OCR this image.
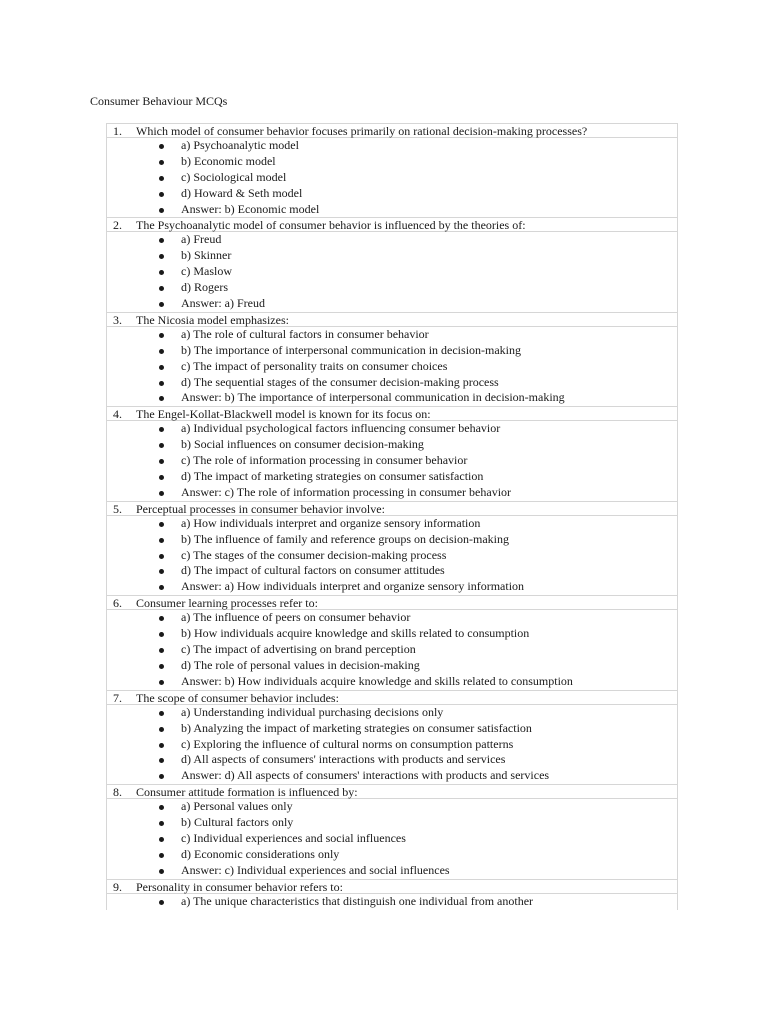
Consumer Behaviour MCQs
1. Which model of consumer behavior focuses primarily on rational decision-making processes?
a) Psychoanalytic model
b) Economic model
c) Sociological model
d) Howard & Seth model
Answer: b) Economic model
2. The Psychoanalytic model of consumer behavior is influenced by the theories of:
a) Freud
b) Skinner
c) Maslow
d) Rogers
Answer: a) Freud
3. The Nicosia model emphasizes:
a) The role of cultural factors in consumer behavior
b) The importance of interpersonal communication in decision-making
c) The impact of personality traits on consumer choices
d) The sequential stages of the consumer decision-making process
Answer: b) The importance of interpersonal communication in decision-making
4. The Engel-Kollat-Blackwell model is known for its focus on:
a) Individual psychological factors influencing consumer behavior
b) Social influences on consumer decision-making
c) The role of information processing in consumer behavior
d) The impact of marketing strategies on consumer satisfaction
Answer: c) The role of information processing in consumer behavior
5. Perceptual processes in consumer behavior involve:
a) How individuals interpret and organize sensory information
b) The influence of family and reference groups on decision-making
c) The stages of the consumer decision-making process
d) The impact of cultural factors on consumer attitudes
Answer: a) How individuals interpret and organize sensory information
6. Consumer learning processes refer to:
a) The influence of peers on consumer behavior
b) How individuals acquire knowledge and skills related to consumption
c) The impact of advertising on brand perception
d) The role of personal values in decision-making
Answer: b) How individuals acquire knowledge and skills related to consumption
7. The scope of consumer behavior includes:
a) Understanding individual purchasing decisions only
b) Analyzing the impact of marketing strategies on consumer satisfaction
c) Exploring the influence of cultural norms on consumption patterns
d) All aspects of consumers' interactions with products and services
Answer: d) All aspects of consumers' interactions with products and services
8. Consumer attitude formation is influenced by:
a) Personal values only
b) Cultural factors only
c) Individual experiences and social influences
d) Economic considerations only
Answer: c) Individual experiences and social influences
9. Personality in consumer behavior refers to:
a) The unique characteristics that distinguish one individual from another
